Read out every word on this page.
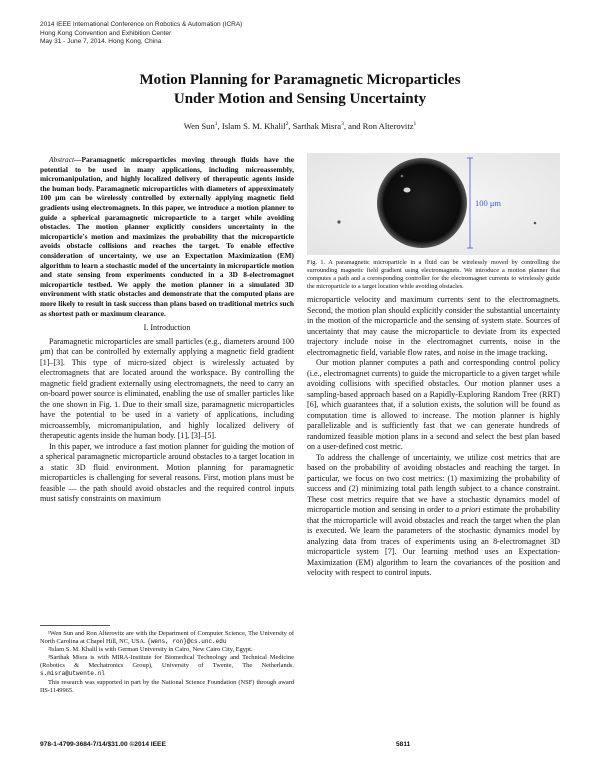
2014 IEEE International Conference on Robotics & Automation (ICRA)
Hong Kong Convention and Exhibition Center
May 31 - June 7, 2014. Hong Kong, China
Motion Planning for Paramagnetic Microparticles
Under Motion and Sensing Uncertainty
Wen Sun$^1$, Islam S. M. Khalil$^2$, Sarthak Misra$^3$, and Ron Alterovitz$^1$

Abstract—Paramagnetic microparticles moving through fluids have the potential to be used in many applications, including microassembly, micromanipulation, and highly localized delivery of therapeutic agents inside the human body. Paramagnetic microparticles with diameters of approximately 100 μm can be wirelessly controlled by externally applying magnetic field gradients using electromagnets. In this paper, we introduce a motion planner to guide a spherical paramagnetic microparticle to a target while avoiding obstacles. The motion planner explicitly considers uncertainty in the microparticle's motion and maximizes the probability that the microparticle avoids obstacle collisions and reaches the target. To enable effective consideration of uncertainty, we use an Expectation Maximization (EM) algorithm to learn a stochastic model of the uncertainty in microparticle motion and state sensing from experiments conducted in a 3D 8-electromagnet microparticle testbed. We apply the motion planner in a simulated 3D environment with static obstacles and demonstrate that the computed plans are more likely to result in task success than plans based on traditional metrics such as shortest path or maximum clearance.

I. Introduction

Paramagnetic microparticles are small particles (e.g., diameters around 100 μm) that can be controlled by externally applying a magnetic field gradient [1]–[3]. This type of micro-sized object is wirelessly actuated by electromagnets that are located around the workspace. By controlling the magnetic field gradient externally using electromagnets, the need to carry an on-board power source is eliminated, enabling the use of smaller particles like the one shown in Fig. 1. Due to their small size, paramagnetic microparticles have the potential to be used in a variety of applications, including microassembly, micromanipulation, and highly localized delivery of therapeutic agents inside the human body. [1], [3]–[5].

In this paper, we introduce a fast motion planner for guiding the motion of a spherical paramagnetic microparticle around obstacles to a target location in a static 3D fluid environment. Motion planning for paramagnetic microparticles is challenging for several reasons. First, motion plans must be feasible — the path should avoid obstacles and the required control inputs must satisfy constraints on maximum

¹Wen Sun and Ron Alterovitz are with the Department of Computer Science, The University of North Carolina at Chapel Hill, NC, USA. {wens, ron}@cs.unc.edu

²Islam S. M. Khalil is with German University in Cairo, New Cairo City, Egypt.

³Sarthak Misra is with MIRA-Institute for Biomedical Technology and Technical Medicine (Robotics & Mechatronics Group), University of Twente, The Netherlands. s.misra@utwente.nl

This research was supported in part by the National Science Foundation (NSF) through award IIS-1149965.

100 μm
Fig. 1. A paramagnetic microparticle in a fluid can be wirelessly moved by controlling the surrounding magnetic field gradient using electromagnets. We introduce a motion planner that computes a path and a corresponding controller for the electromagnet currents to wirelessly guide the microparticle to a target location while avoiding obstacles.

microparticle velocity and maximum currents sent to the electromagnets. Second, the motion plan should explicitly consider the substantial uncertainty in the motion of the microparticle and the sensing of system state. Sources of uncertainty that may cause the microparticle to deviate from its expected trajectory include noise in the electromagnet currents, noise in the electromagnetic field, variable flow rates, and noise in the image tracking.

Our motion planner computes a path and corresponding control policy (i.e., electromagnet currents) to guide the microparticle to a given target while avoiding collisions with specified obstacles. Our motion planner uses a sampling-based approach based on a Rapidly-Exploring Random Tree (RRT) [6], which guarantees that, if a solution exists, the solution will be found as computation time is allowed to increase. The motion planner is highly parallelizable and is sufficiently fast that we can generate hundreds of randomized feasible motion plans in a second and select the best plan based on a user-defined cost metric.

To address the challenge of uncertainty, we utilize cost metrics that are based on the probability of avoiding obstacles and reaching the target. In particular, we focus on two cost metrics: (1) maximizing the probability of success and (2) minimizing total path length subject to a chance constraint. These cost metrics require that we have a stochastic dynamics model of microparticle motion and sensing in order to a priori estimate the probability that the microparticle will avoid obstacles and reach the target when the plan is executed. We learn the parameters of the stochastic dynamics model by analyzing data from traces of experiments using an 8-electromagnet 3D microparticle system [7]. Our learning method uses an Expectation-Maximization (EM) algorithm to learn the covariances of the position and velocity with respect to control inputs.

978-1-4799-3684-7/14/$31.00 ©2014 IEEE	5811
